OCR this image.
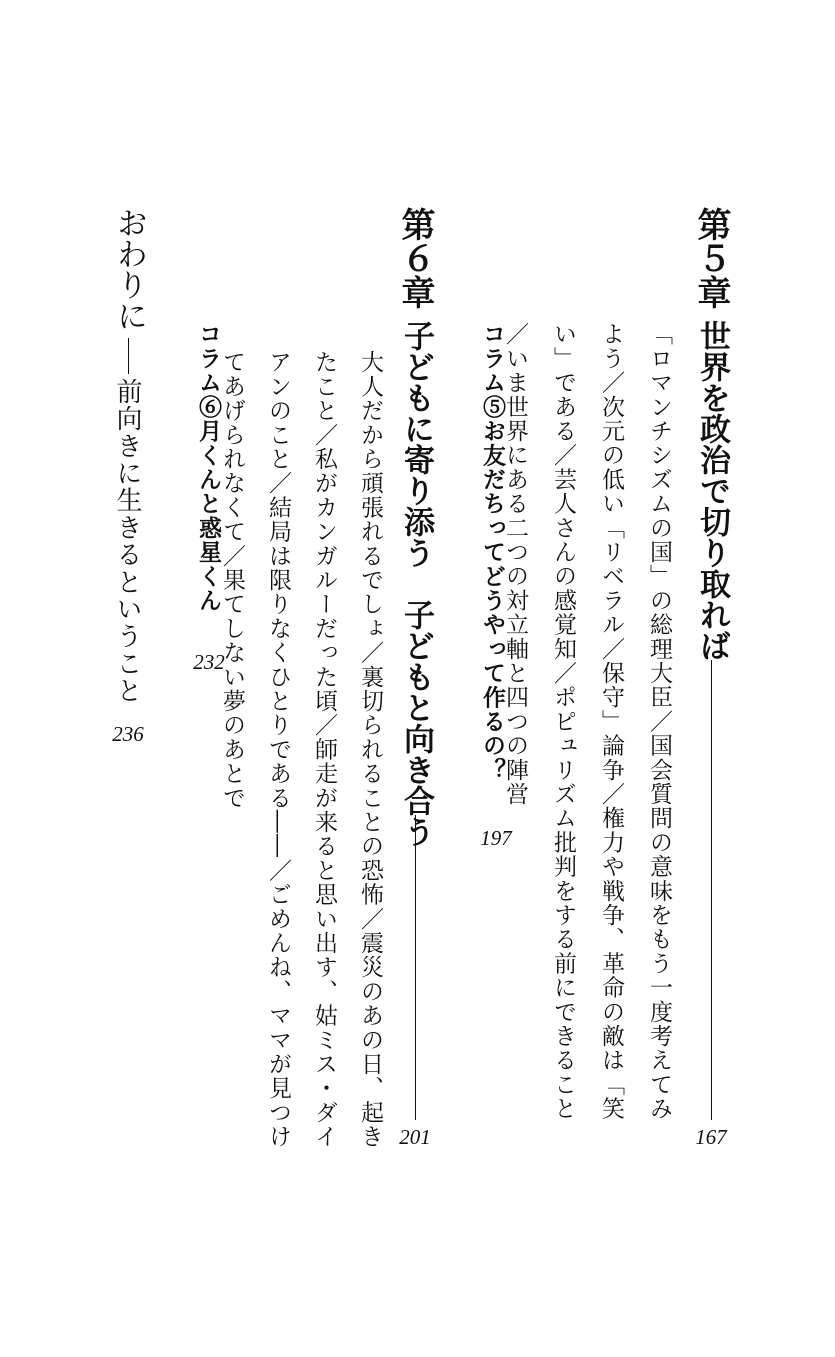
第５章
世界を政治で切り取れば
167
「ロマンチシズムの国」の総理大臣／国会質問の意味をもう一度考えてみ
よう／次元の低い「リベラル／保守」論争／権力や戦争、革命の敵は「笑
い」である／芸人さんの感覚知／ポピュリズム批判をする前にできること
／いま世界にある二つの対立軸と四つの陣営
コラム⑤お友だちってどうやって作るの？
197
第６章
子どもに寄り添う　子どもと向き合う
201
大人だから頑張れるでしょ／裏切られることの恐怖／震災のあの日、起き
たこと／私がカンガルーだった頃／師走が来ると思い出す、姑ミス・ダイ
アンのこと／結局は限りなくひとりである――／ごめんね、ママが見つけ
てあげられなくて／果てしない夢のあとで
コラム⑥月くんと惑星くん
232
おわりに
前向きに生きるということ
236
